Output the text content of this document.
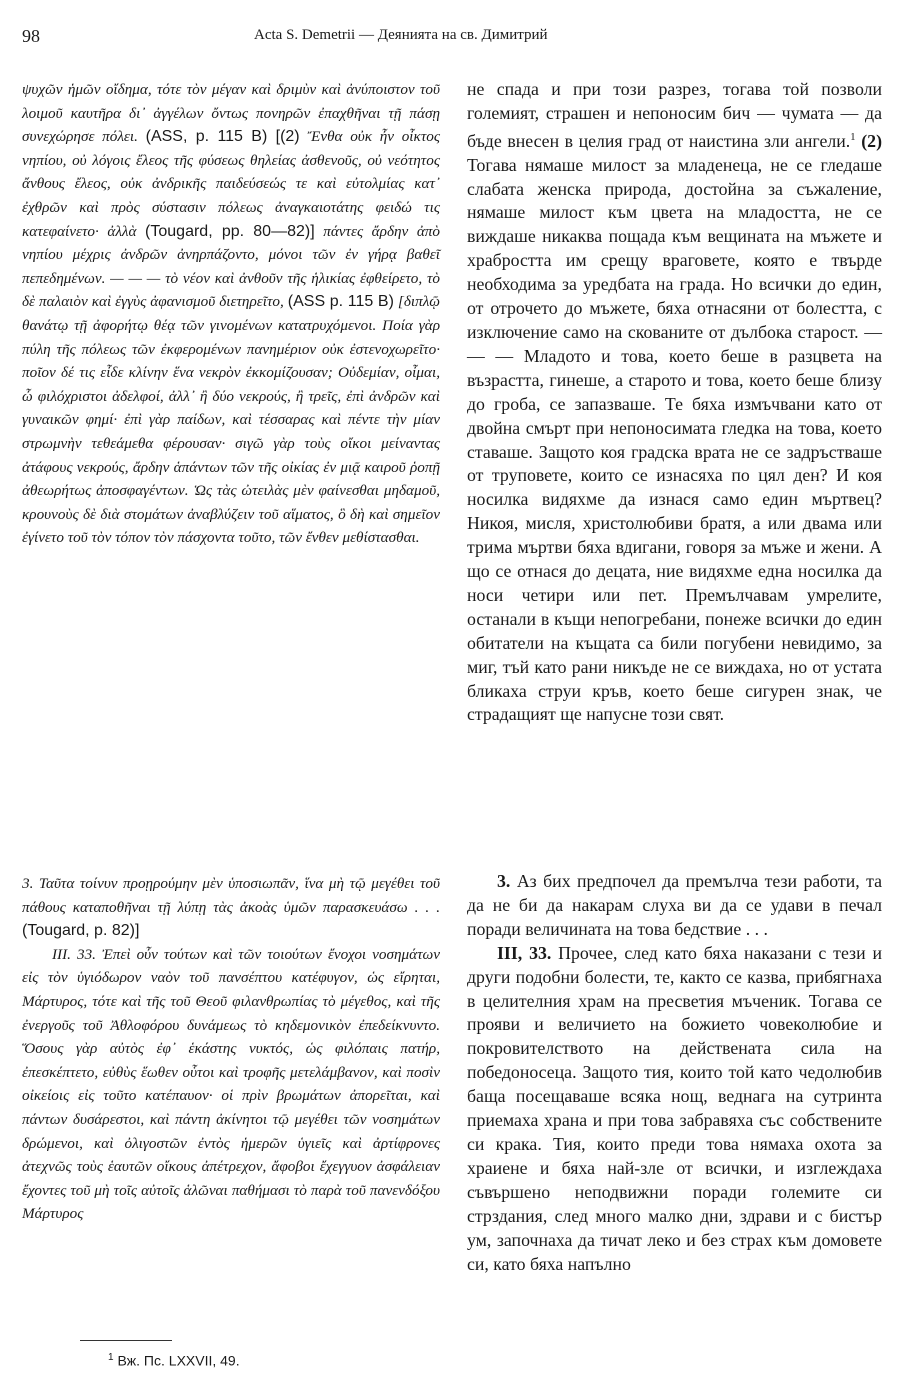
98	Acta S. Demetrii — Деянията на св. Димитрий

ψυχῶν ἡμῶν οἴδημα, τότε τὸν μέγαν καὶ δριμὺν καὶ ἀνύποιστον τοῦ λοιμοῦ καυτῆρα δι᾽ ἀγγέλων ὄντως πονηρῶν ἐπαχθῆναι τῇ πάσῃ συνεχώρησε πόλει. (ASS, p. 115 B) [(2) Ἔνθα οὐκ ἦν οἶκτος νηπίου, οὐ λόγοις ἔλεος τῆς φύσεως θηλείας ἀσθενοῦς, οὐ νεότητος ἄνθους ἔλεος, οὐκ ἀνδρικῆς παιδεύσεώς τε καὶ εὐτολμίας κατ᾽ ἐχθρῶν καὶ πρὸς σύστασιν πόλεως ἀναγκαιοτάτης φειδώ τις κατεφαίνετο· ἀλλὰ (Tougard, pp. 80—82)] πάντες ἄρδην ἀπὸ νηπίου μέχρις ἀνδρῶν ἀνηρπάζοντο, μόνοι τῶν ἐν γήρᾳ βαθεῖ πεπεδημένων. — — — τὸ νέον καὶ ἀνθοῦν τῆς ἡλικίας ἐφθείρετο, τὸ δὲ παλαιὸν καὶ ἐγγὺς ἀφανισμοῦ διετηρεῖτο, (ASS p. 115 B) [διπλῷ θανάτῳ τῇ ἀφορήτῳ θέᾳ τῶν γινομένων κατατρυχόμενοι. Ποία γὰρ πύλη τῆς πόλεως τῶν ἐκφερομένων πανημέριον οὐκ ἐστενοχωρεῖτο· ποῖον δέ τις εἶδε κλίνην ἕνα νεκρὸν ἐκκομίζουσαν; Οὐδεμίαν, οἶμαι, ὦ φιλόχριστοι ἀδελφοί, ἀλλ᾽ ἢ δύο νεκρούς, ἢ τρεῖς, ἐπὶ ἀνδρῶν καὶ γυναικῶν φημί· ἐπὶ γὰρ παίδων, καὶ τέσσαρας καὶ πέντε τὴν μίαν στρωμνὴν τεθεάμεθα φέρουσαν· σιγῶ γὰρ τοὺς οἴκοι μείναντας ἀτάφους νεκρούς, ἄρδην ἁπάντων τῶν τῆς οἰκίας ἐν μιᾷ καιροῦ ῥοπῇ ἀθεωρήτως ἀποσφαγέντων. Ὡς τὰς ὠτειλὰς μὲν φαίνεσθαι μηδαμοῦ, κρουνοὺς δὲ διὰ στομάτων ἀναβλύζειν τοῦ αἵματος, ὃ δὴ καὶ σημεῖον ἐγίνετο τοῦ τὸν τόπον τὸν πάσχοντα τοῦτο, τῶν ἔνθεν μεθίστασθαι.

3. Ταῦτα τοίνυν προῃρούμην μὲν ὑποσιωπᾶν, ἵνα μὴ τῷ μεγέθει τοῦ πάθους καταποθῆναι τῇ λύπῃ τὰς ἀκοὰς ὑμῶν παρασκευάσω . . . (Tougard, p. 82)]

III. 33. Ἐπεὶ οὖν τούτων καὶ τῶν τοιούτων ἔνοχοι νοσημάτων εἰς τὸν ὑγιόδωρον ναὸν τοῦ πανσέπτου κατέφυγον, ὡς εἴρηται, Μάρτυρος, τότε καὶ τῆς τοῦ Θεοῦ φιλανθρωπίας τὸ μέγεθος, καὶ τῆς ἐνεργοῦς τοῦ Ἀθλοφόρου δυνάμεως τὸ κηδεμονικὸν ἐπεδείκνυντο. Ὅσους γὰρ αὐτὸς ἐφ᾽ ἑκάστης νυκτός, ὡς φιλόπαις πατήρ, ἐπεσκέπτετο, εὐθὺς ἕωθεν οὗτοι καὶ τροφῆς μετελάμβανον, καὶ ποσὶν οἰκείοις εἰς τοῦτο κατέπαυον· οἱ πρὶν βρωμάτων ἀπορεῖται, καὶ πάντων δυσάρεστοι, καὶ πάντη ἀκίνητοι τῷ μεγέθει τῶν νοσημάτων δρώμενοι, καὶ ὀλιγοστῶν ἐντὸς ἡμερῶν ὑγιεῖς καὶ ἀρτίφρονες ἀτεχνῶς τοὺς ἑαυτῶν οἴκους ἀπέτρεχον, ἄφοβοι ἔχεγγυον ἀσφάλειαν ἔχοντες τοῦ μὴ τοῖς αὐτοῖς ἁλῶναι παθήμασι τὸ παρὰ τοῦ πανενδόξου Μάρτυρος

не спада и при този разрез, тогава той позволи големият, страшен и непоносим бич — чумата — да бъде внесен в целия град от наистина зли ангели.$^1$ (2) Тогава нямаше милост за младенеца, не се гледаше слабата женска природа, достойна за съжаление, нямаше милост към цвета на младостта, не се виждаше никаква пощада към вещината на мъжете и храбростта им срещу враговете, която е твърде необходима за уредбата на града. Но всички до един, от отрочето до мъжете, бяха отнасяни от болестта, с изключение само на скованите от дълбока старост. — — — Младото и това, което беше в разцвета на възрастта, гинеше, а старото и това, което беше близу до гроба, се запазваше. Те бяха измъчвани като от двойна смърт при непоносимата гледка на това, което ставаше. Защото коя градска врата не се задръстваше от труповете, които се изнасяха по цял ден? И коя носилка видяхме да изнася само един мъртвец? Никоя, мисля, христолюбиви братя, а или двама или трима мъртви бяха вдигани, говоря за мъже и жени. А що се отнася до децата, ние видяхме една носилка да носи четири или пет. Премълчавам умрелите, останали в къщи непогребани, понеже всички до един обитатели на къщата са били погубени невидимо, за миг, тъй като рани никъде не се виждаха, но от устата бликаха струи кръв, което беше сигурен знак, че страдащият ще напусне този свят.

3. Аз бих предпочел да премълча тези работи, та да не би да накарам слуха ви да се удави в печал поради величината на това бедствие . . .

III, 33. Прочее, след като бяха наказани с тези и други подобни болести, те, както се казва, прибягнаха в целителния храм на пресветия мъченик. Тогава се прояви и величието на божието човеколюбие и покровителството на действената сила на победоносеца. Защото тия, които той като чедолюбив баща посещаваше всяка нощ, веднага на сутринта приемаха храна и при това забравяха със собствените си крака. Тия, които преди това нямаха охота за храиене и бяха най-зле от всички, и изглеждаха съвършено неподвижни поради големите си стрздания, след много малко дни, здрави и с бистър ум, започнаха да тичат леко и без страх към домовете си, като бяха напълно

$^1$ Вж. Пс. LXXVII, 49.
